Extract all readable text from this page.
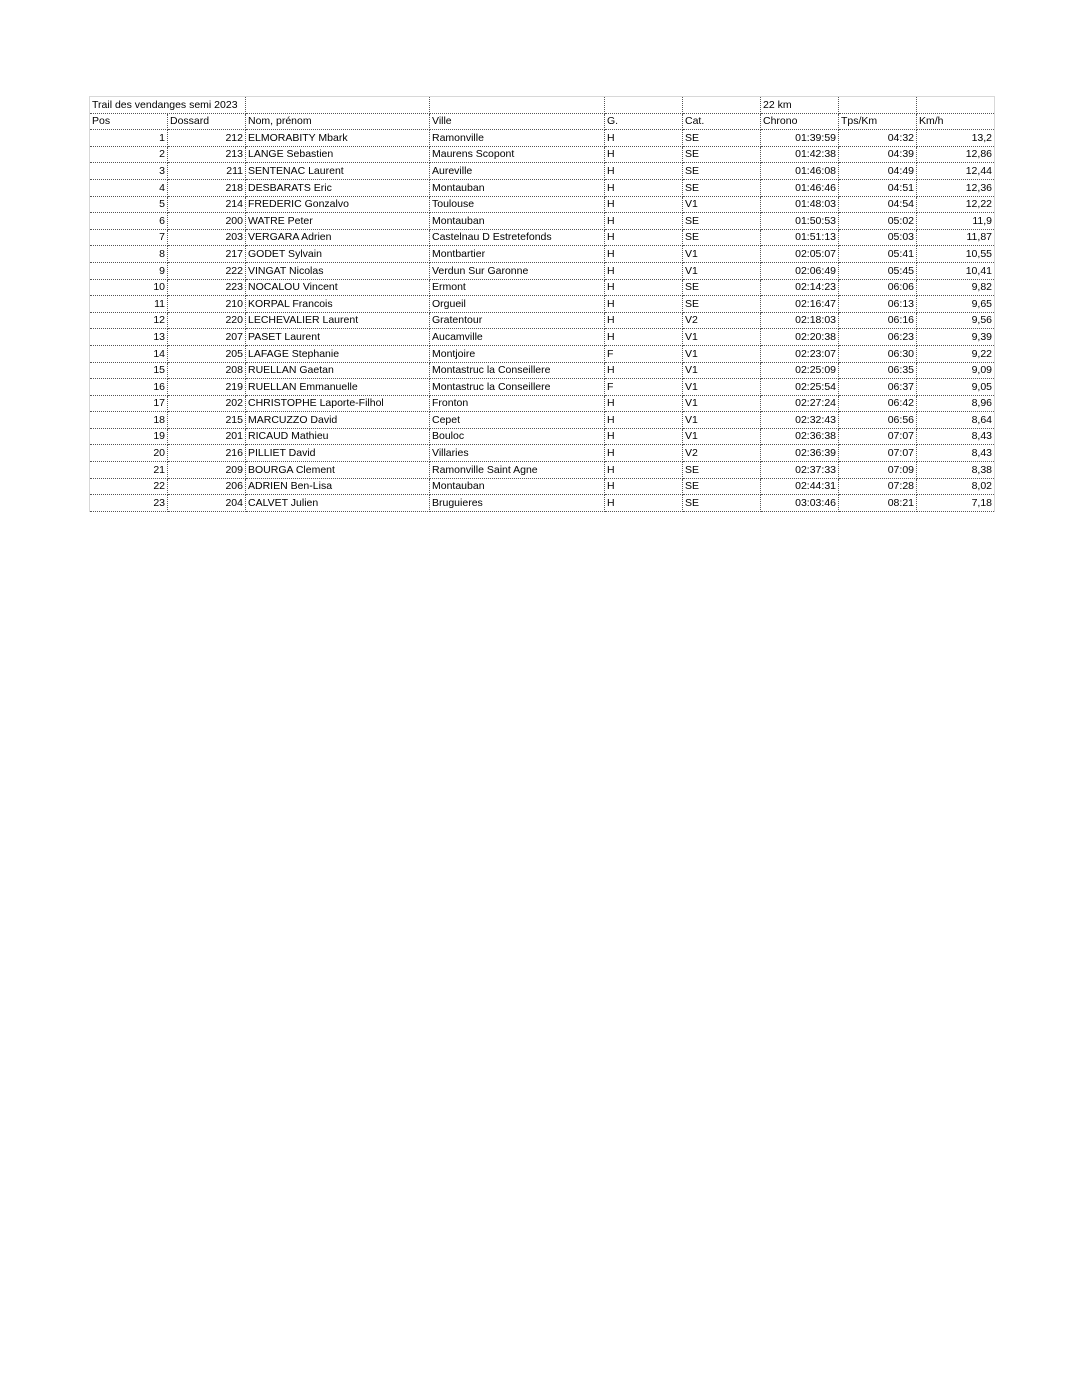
Trail des vendanges semi 2023						22 km		
Pos	Dossard	Nom, prénom	Ville	G.	Cat.	Chrono	Tps/Km	Km/h
1	212	ELMORABITY Mbark	Ramonville	H	SE	01:39:59	04:32	13,2
2	213	LANGE Sebastien	Maurens Scopont	H	SE	01:42:38	04:39	12,86
3	211	SENTENAC Laurent	Aureville	H	SE	01:46:08	04:49	12,44
4	218	DESBARATS Eric	Montauban	H	SE	01:46:46	04:51	12,36
5	214	FREDERIC Gonzalvo	Toulouse	H	V1	01:48:03	04:54	12,22
6	200	WATRE Peter	Montauban	H	SE	01:50:53	05:02	11,9
7	203	VERGARA Adrien	Castelnau D Estretefonds	H	SE	01:51:13	05:03	11,87
8	217	GODET Sylvain	Montbartier	H	V1	02:05:07	05:41	10,55
9	222	VINGAT Nicolas	Verdun Sur Garonne	H	V1	02:06:49	05:45	10,41
10	223	NOCALOU Vincent	Ermont	H	SE	02:14:23	06:06	9,82
11	210	KORPAL Francois	Orgueil	H	SE	02:16:47	06:13	9,65
12	220	LECHEVALIER Laurent	Gratentour	H	V2	02:18:03	06:16	9,56
13	207	PASET Laurent	Aucamville	H	V1	02:20:38	06:23	9,39
14	205	LAFAGE Stephanie	Montjoire	F	V1	02:23:07	06:30	9,22
15	208	RUELLAN Gaetan	Montastruc la Conseillere	H	V1	02:25:09	06:35	9,09
16	219	RUELLAN Emmanuelle	Montastruc la Conseillere	F	V1	02:25:54	06:37	9,05
17	202	CHRISTOPHE Laporte-Filhol	Fronton	H	V1	02:27:24	06:42	8,96
18	215	MARCUZZO David	Cepet	H	V1	02:32:43	06:56	8,64
19	201	RICAUD Mathieu	Bouloc	H	V1	02:36:38	07:07	8,43
20	216	PILLIET David	Villaries	H	V2	02:36:39	07:07	8,43
21	209	BOURGA Clement	Ramonville Saint Agne	H	SE	02:37:33	07:09	8,38
22	206	ADRIEN Ben-Lisa	Montauban	H	SE	02:44:31	07:28	8,02
23	204	CALVET Julien	Bruguieres	H	SE	03:03:46	08:21	7,18
